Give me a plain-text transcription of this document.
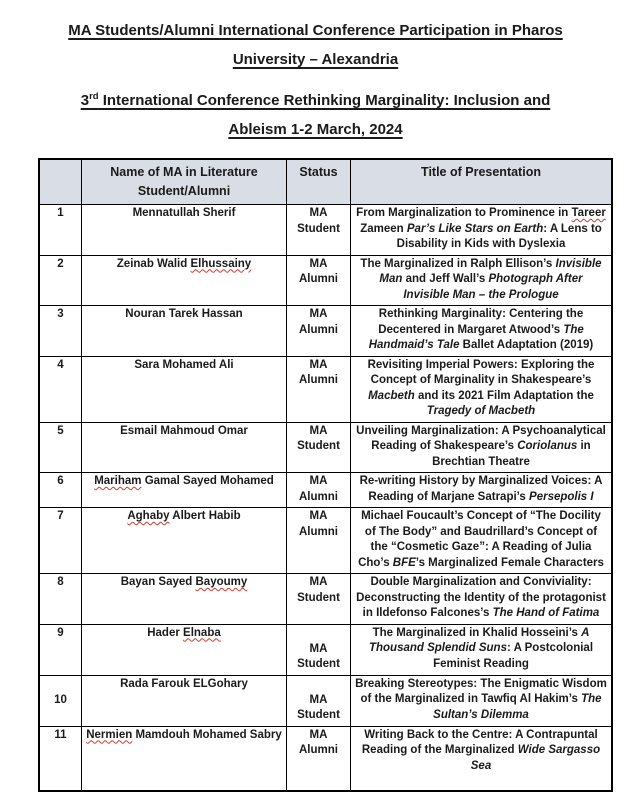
MA Students/Alumni International Conference Participation in Pharos
University – Alexandria
3rd International Conference Rethinking Marginality: Inclusion and
Ableism 1-2 March, 2024
	Name of MA in Literature Student/Alumni	Status	Title of Presentation
1	Mennatullah Sherif	MA Student	From Marginalization to Prominence in Tareer Zameen Par’s Like Stars on Earth: A Lens to Disability in Kids with Dyslexia
2	Zeinab Walid Elhussainy	MA Alumni	The Marginalized in Ralph Ellison’s Invisible Man and Jeff Wall’s Photograph After Invisible Man – the Prologue
3	Nouran Tarek Hassan	MA Alumni	Rethinking Marginality: Centering the Decentered in Margaret Atwood’s The Handmaid’s Tale Ballet Adaptation (2019)
4	Sara Mohamed Ali	MA Alumni	Revisiting Imperial Powers: Exploring the Concept of Marginality in Shakespeare’s Macbeth and its 2021 Film Adaptation the Tragedy of Macbeth
5	Esmail Mahmoud Omar	MA Student	Unveiling Marginalization: A Psychoanalytical Reading of Shakespeare’s Coriolanus in Brechtian Theatre
6	Mariham Gamal Sayed Mohamed	MA Alumni	Re-writing History by Marginalized Voices: A Reading of Marjane Satrapi’s Persepolis I
7	Aghaby Albert Habib	MA Alumni	Michael Foucault’s Concept of “The Docility of The Body” and Baudrillard’s Concept of the “Cosmetic Gaze”: A Reading of Julia Cho’s BFE’s Marginalized Female Characters
8	Bayan Sayed Bayoumy	MA Student	Double Marginalization and Conviviality: Deconstructing the Identity of the protagonist in Ildefonso Falcones’s The Hand of Fatima
9	Hader Elnaba	MA Student	The Marginalized in Khalid Hosseini’s A Thousand Splendid Suns: A Postcolonial Feminist Reading
10	Rada Farouk ELGohary	MA Student	Breaking Stereotypes: The Enigmatic Wisdom of the Marginalized in Tawfiq Al Hakim’s The Sultan’s Dilemma
11	Nermien Mamdouh Mohamed Sabry	MA Alumni	Writing Back to the Centre: A Contrapuntal Reading of the Marginalized Wide Sargasso Sea
